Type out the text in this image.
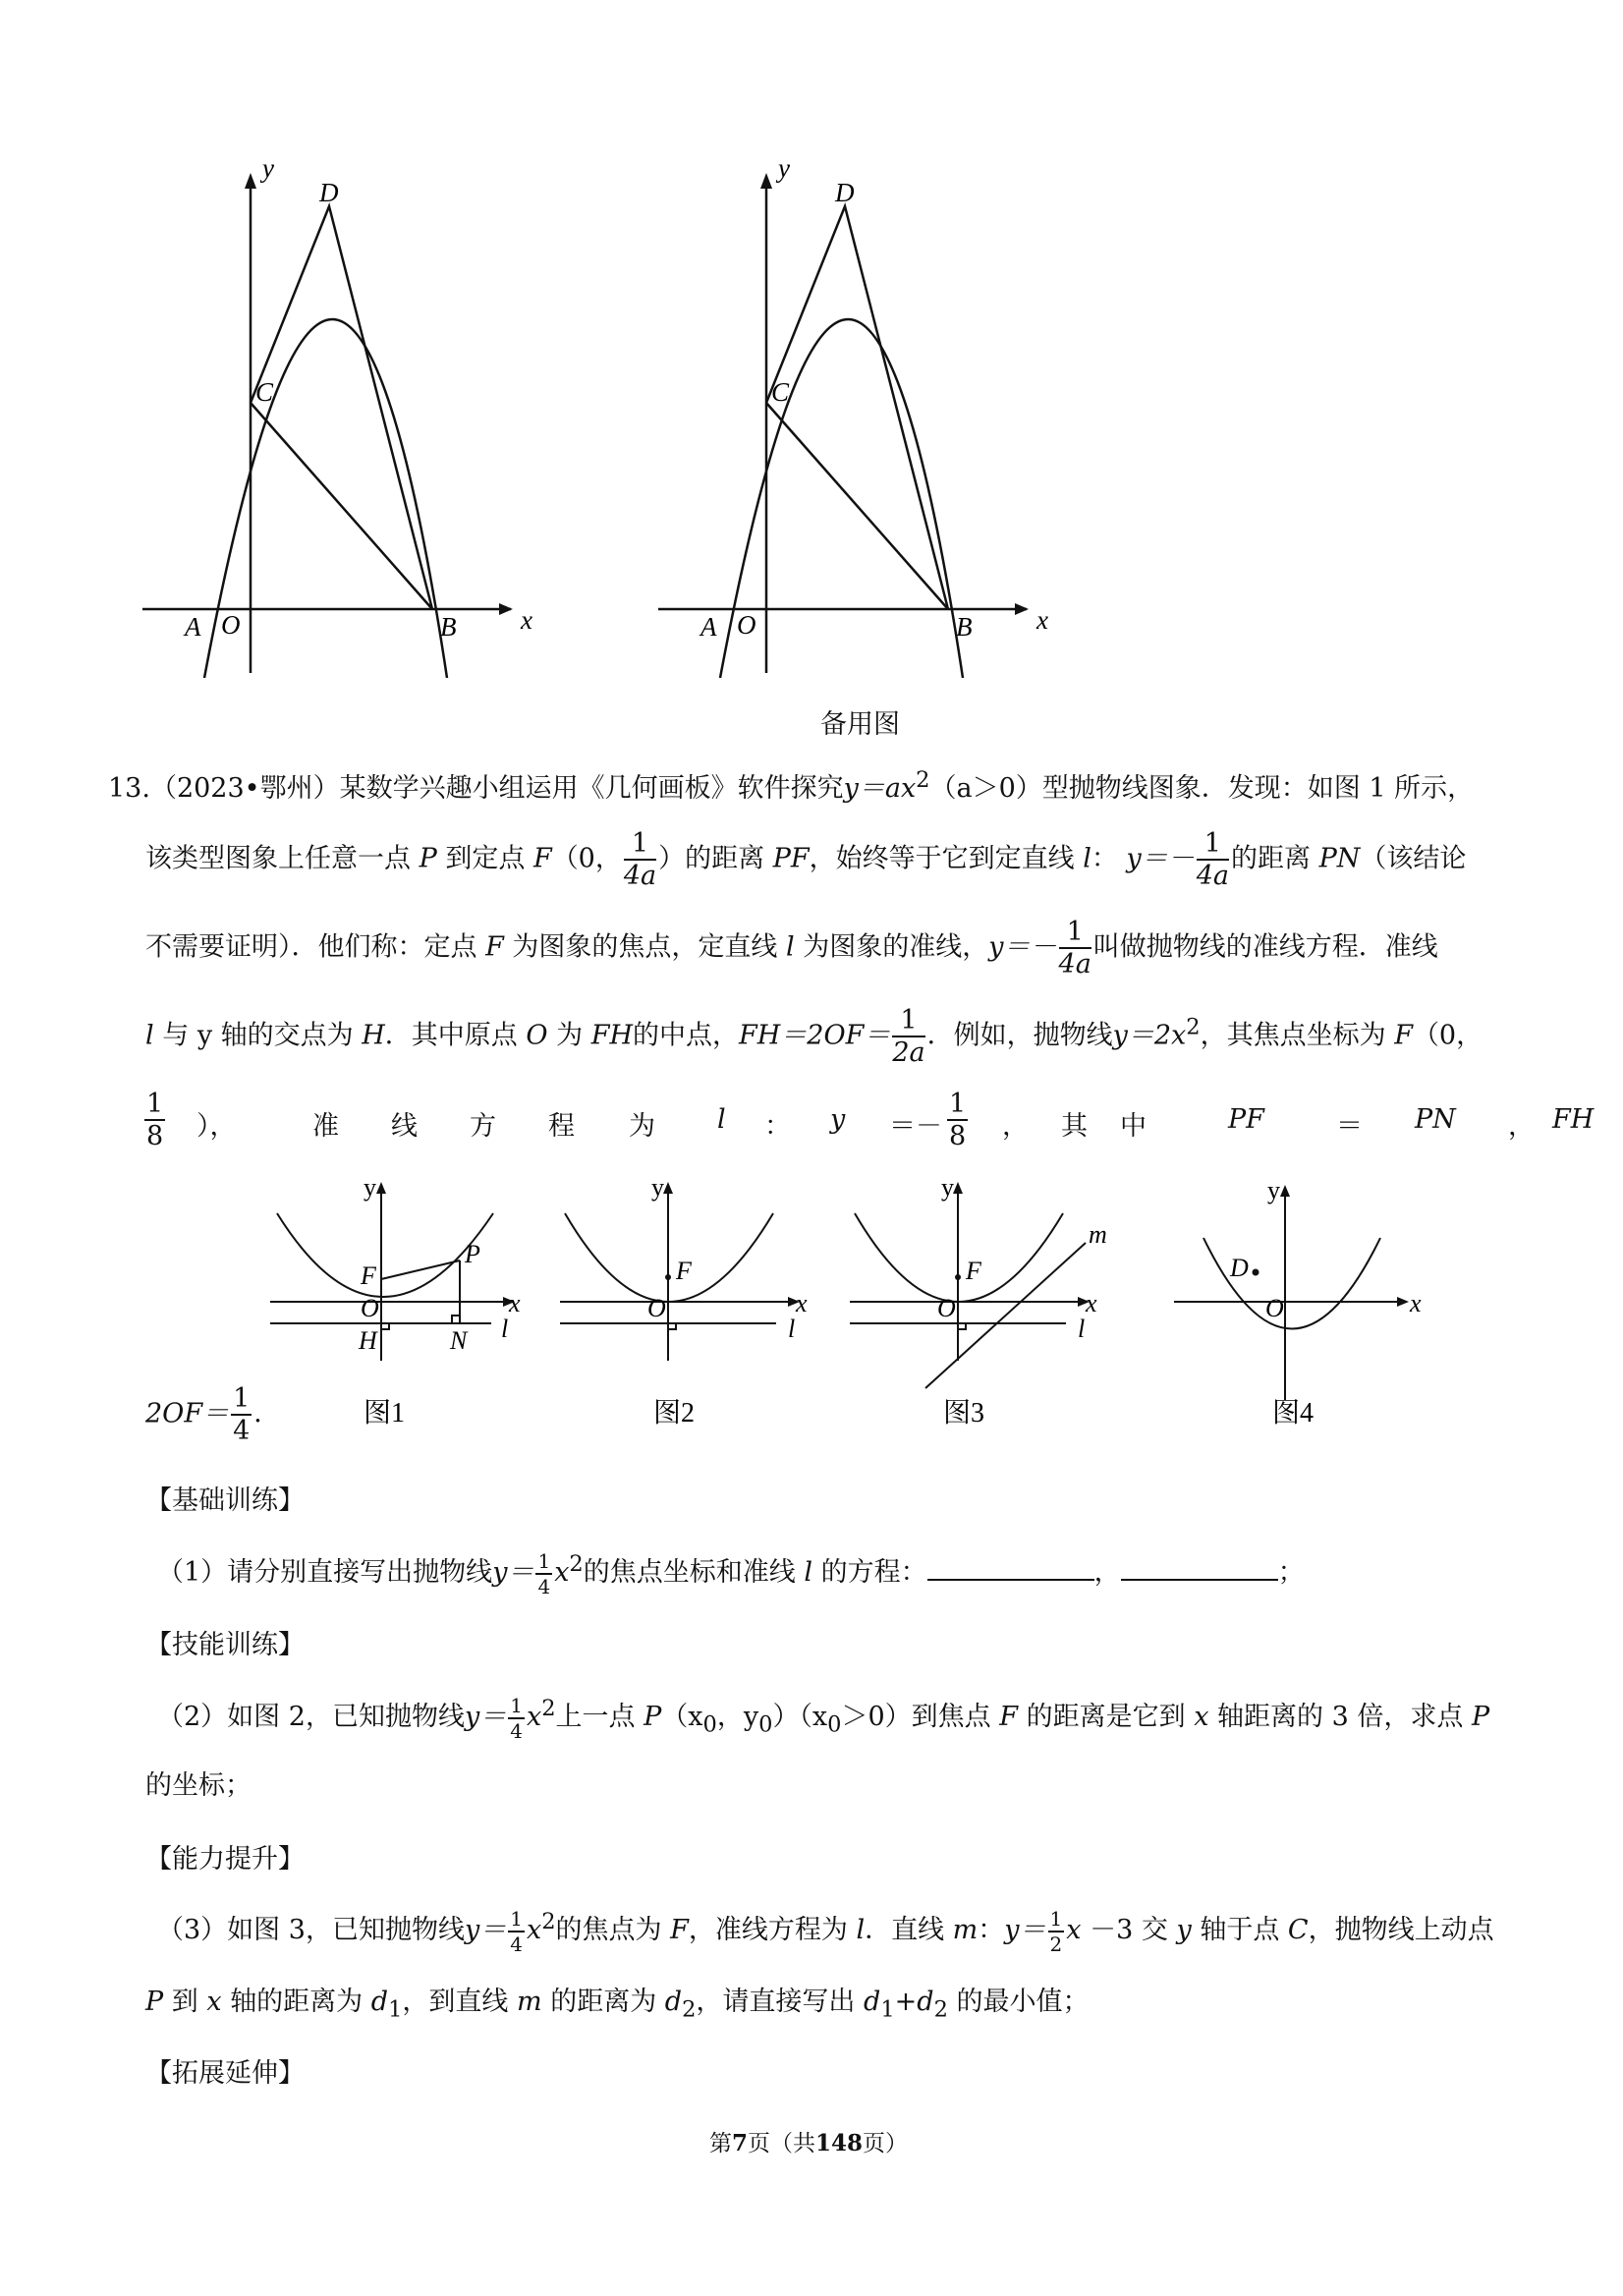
y
x
D
C
A O	B
y
x
D
C
A O	B
备用图
13.（2023•鄂州）某数学兴趣小组运用《几何画板》软件探究$y=ax^2(a>0)$型抛物线图象．发现：如图 1 所示，
该类型图象上任意一点 P 到定点 F（0， $\frac{1}{4a}$ ）的距离 PF，始终等于它到定直线 l： $y=- \frac{1}{4a}$ 的距离 PN（该结论
不需要证明）．他们称：定点 F 为图象的焦点，定直线 l 为图象的准线，$y=- \frac{1}{4a}$ 叫做抛物线的准线方程．准线
l 与 y 轴的交点为 H．其中原点 O 为 FH的中点，$FH=2OF= \frac{1}{2a}$ ．例如，抛物线$y=2x^2$，其焦点坐标为 F（0，
$\frac{1}{8}$ ），	准 线 方 程 为 l ： y ＝ － $\frac{1}{8}$ ， 其 中	PF	＝ PN ， FH
$2OF= \frac{1}{4}$ ．
y
x
F
P
O
H	N l
图1
y
x
F
O
l
图2
y
x
F
O
l
m
图3
y
x
D
O
图4
【基础训练】
（1）请分别直接写出抛物线$y= \frac{1}{4} x^2$的焦点坐标和准线 l 的方程：	，	；
【技能训练】
（2）如图 2，已知抛物线$y= \frac{1}{4} x^2$上一点 $P(x_0$，$y_0)(x_0>0)$到焦点 F 的距离是它到 x 轴距离的 3 倍，求点 P
的坐标；
【能力提升】
（3）如图 3，已知抛物线$y= \frac{1}{4} x^2$的焦点为 F，准线方程为 l．直线 m：$y= \frac{1}{2}$ x －3 交 y 轴于点 C，抛物线上动点
P 到 x 轴的距离为 $d_1$，到直线 m 的距离为 $d_2$，请直接写出 $d_1+d_2$ 的最小值；
【拓展延伸】
第7页（共148页）
